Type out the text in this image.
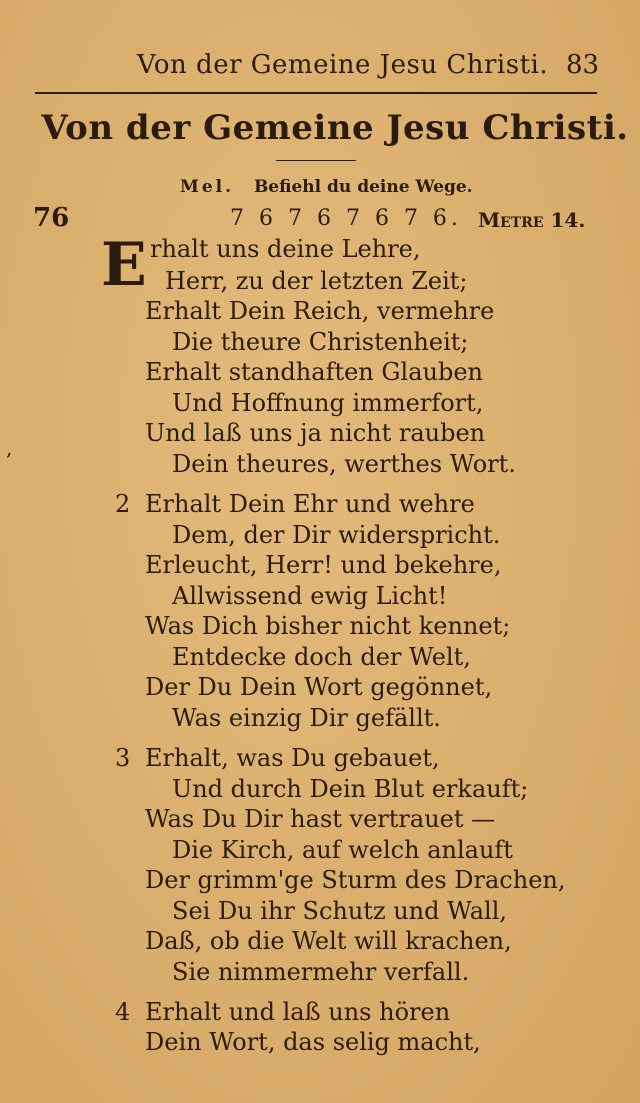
Von der Gemeine Jesu Christi. 83
Von der Gemeine Jesu Christi.
Mel. Befiehl du deine Wege.
76	7 6 7 6 7 6 7 6. Metre 14.
,
E rhalt uns deine Lehre,
Herr, zu der letzten Zeit;
Erhalt Dein Reich, vermehre
Die theure Christenheit;
Erhalt standhaften Glauben
Und Hoffnung immerfort,
Und laß uns ja nicht rauben
Dein theures, werthes Wort.
2 Erhalt Dein Ehr und wehre
Dem, der Dir widerspricht.
Erleucht, Herr! und bekehre,
Allwissend ewig Licht!
Was Dich bisher nicht kennet;
Entdecke doch der Welt,
Der Du Dein Wort gegönnet,
Was einzig Dir gefällt.
3 Erhalt, was Du gebauet,
Und durch Dein Blut erkauft;
Was Du Dir hast vertrauet —
Die Kirch, auf welch anlauft
Der grimm'ge Sturm des Drachen,
Sei Du ihr Schutz und Wall,
Daß, ob die Welt will krachen,
Sie nimmermehr verfall.
4 Erhalt und laß uns hören
Dein Wort, das selig macht,
